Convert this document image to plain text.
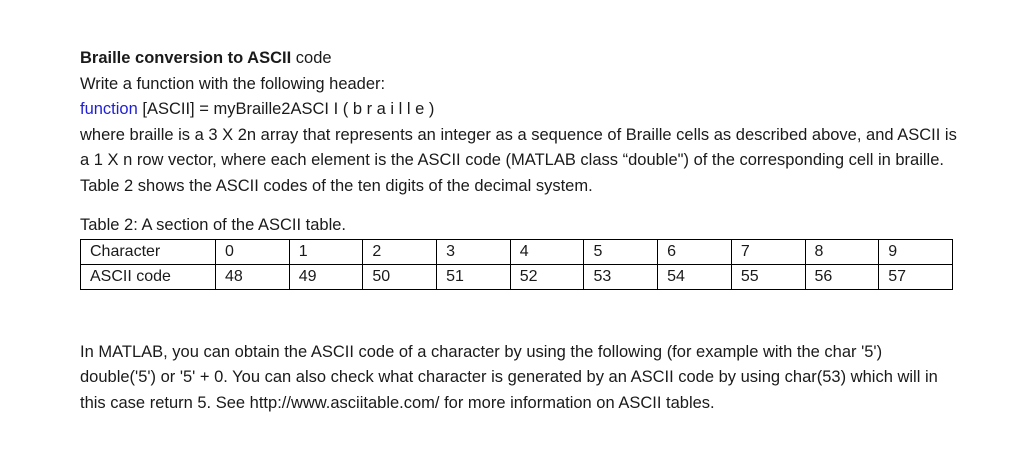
Braille conversion to ASCII code
Write a function with the following header:
function [ASCII] = myBraille2ASCI I ( b r a i l l e )
where braille is a 3 X 2n array that represents an integer as a sequence of Braille cells as described above, and ASCII is a 1 X n row vector, where each element is the ASCII code (MATLAB class “double") of the corresponding cell in braille. Table 2 shows the ASCII codes of the ten digits of the decimal system.
Table 2: A section of the ASCII table.
Character	0	1	2	3	4	5	6	7	8	9
ASCII code	48	49	50	51	52	53	54	55	56	57
In MATLAB, you can obtain the ASCII code of a character by using the following (for example with the char '5') double('5') or '5' + 0. You can also check what character is generated by an ASCII code by using char(53) which will in this case return 5. See http://www.asciitable.com/ for more information on ASCII tables.
